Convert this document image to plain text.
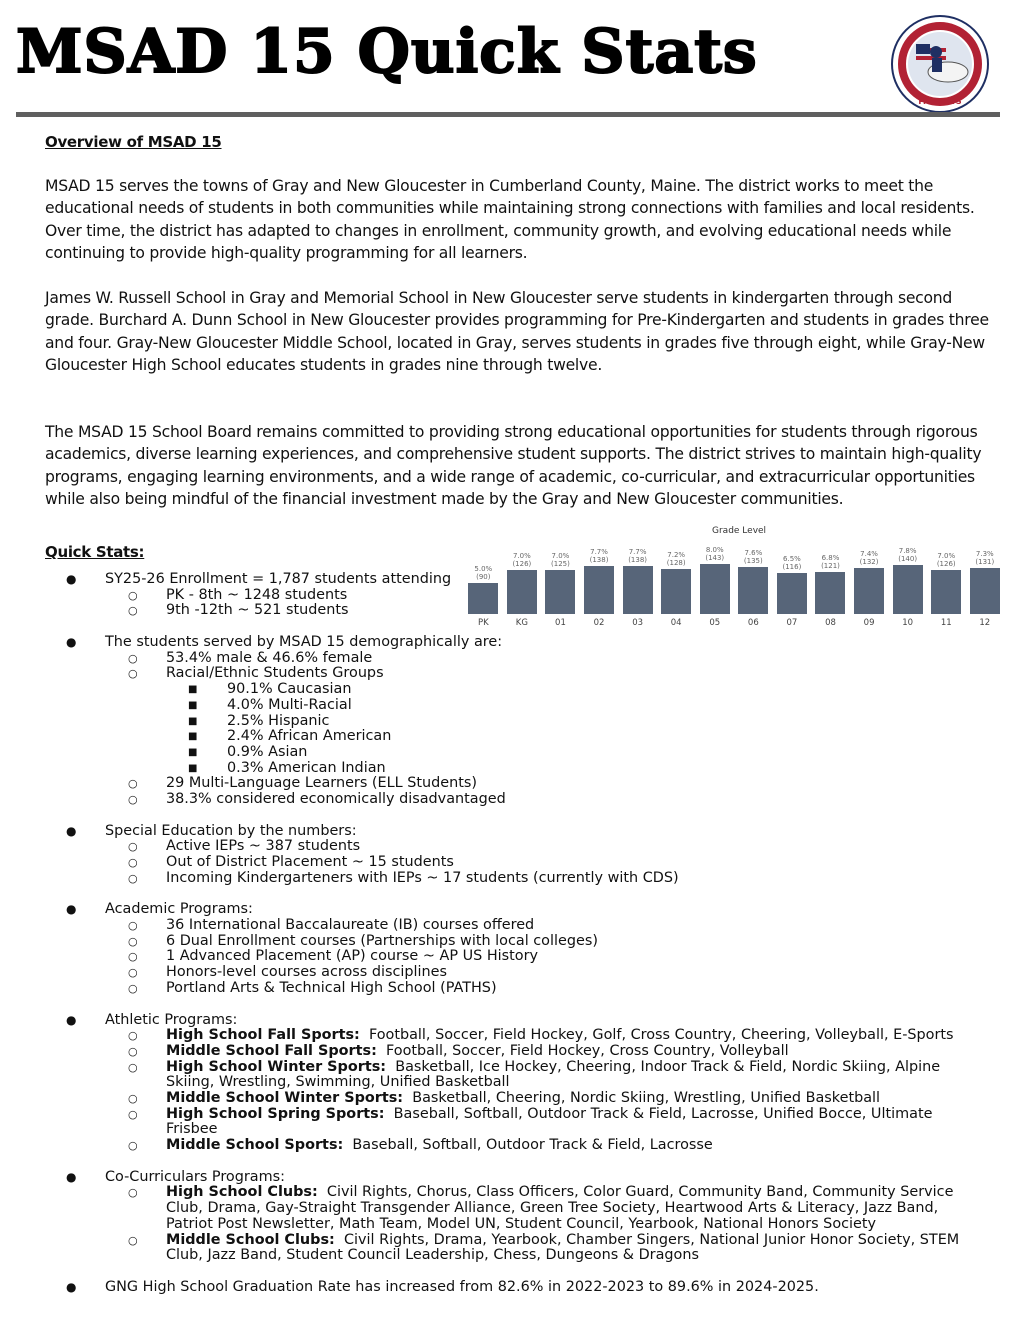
MSAD 15 Quick Stats
PATRIOTS
Overview of MSAD 15

MSAD 15 serves the towns of Gray and New Gloucester in Cumberland County, Maine. The district works to meet the educational needs of students in both communities while maintaining strong connections with families and local residents. Over time, the district has adapted to changes in enrollment, community growth, and evolving educational needs while continuing to provide high-quality programming for all learners.

James W. Russell School in Gray and Memorial School in New Gloucester serve students in kindergarten through second grade. Burchard A. Dunn School in New Gloucester provides programming for Pre-Kindergarten and students in grades three and four. Gray-New Gloucester Middle School, located in Gray, serves students in grades five through eight, while Gray-New Gloucester High School educates students in grades nine through twelve.

The MSAD 15 School Board remains committed to providing strong educational opportunities for students through rigorous academics, diverse learning experiences, and comprehensive student supports. The district strives to maintain high-quality programs, engaging learning environments, and a wide range of academic, co-curricular, and extracurricular opportunities while also being mindful of the financial investment made by the Gray and New Gloucester communities.

Quick Stats:
Grade Level
5.0%
(90)
7.0%
(126)
7.0%
(125)
7.7%
(138)
7.7%
(138)
7.2%
(128)
8.0%
(143)
7.6%
(135)	6.5%
(116)
6.8%
(121)
7.4%
(132)
7.8%
(140)	7.0%
(126)
7.3%
(131)
PK	KG	01	02	03	04	05	06	07	08	09	10	11	12
● SY25-26 Enrollment = 1,787 students attending
○ PK - 8th ~ 1248 students
○ 9th -12th ~ 521 students
● The students served by MSAD 15 demographically are:
○ 53.4% male & 46.6% female
○ Racial/Ethnic Students Groups
■ 90.1% Caucasian
■ 4.0% Multi-Racial
■ 2.5% Hispanic
■ 2.4% African American
■ 0.9% Asian
■ 0.3% American Indian
○ 29 Multi-Language Learners (ELL Students)
○ 38.3% considered economically disadvantaged
● Special Education by the numbers:
○ Active IEPs ~ 387 students
○ Out of District Placement ~ 15 students
○ Incoming Kindergarteners with IEPs ~ 17 students (currently with CDS)
● Academic Programs:
○ 36 International Baccalaureate (IB) courses offered
○ 6 Dual Enrollment courses (Partnerships with local colleges)
○ 1 Advanced Placement (AP) course ~ AP US History
○ Honors-level courses across disciplines
○ Portland Arts & Technical High School (PATHS)
● Athletic Programs:
○ High School Fall Sports: Football, Soccer, Field Hockey, Golf, Cross Country, Cheering, Volleyball, E-Sports
○ Middle School Fall Sports: Football, Soccer, Field Hockey, Cross Country, Volleyball
○ High School Winter Sports: Basketball, Ice Hockey, Cheering, Indoor Track & Field, Nordic Skiing, Alpine Skiing, Wrestling, Swimming, Unified Basketball
○ Middle School Winter Sports: Basketball, Cheering, Nordic Skiing, Wrestling, Unified Basketball
○ High School Spring Sports: Baseball, Softball, Outdoor Track & Field, Lacrosse, Unified Bocce, Ultimate Frisbee
○ Middle School Sports: Baseball, Softball, Outdoor Track & Field, Lacrosse
● Co-Curriculars Programs:
○ High School Clubs: Civil Rights, Chorus, Class Officers, Color Guard, Community Band, Community Service Club, Drama, Gay-Straight Transgender Alliance, Green Tree Society, Heartwood Arts & Literacy, Jazz Band, Patriot Post Newsletter, Math Team, Model UN, Student Council, Yearbook, National Honors Society
○ Middle School Clubs: Civil Rights, Drama, Yearbook, Chamber Singers, National Junior Honor Society, STEM Club, Jazz Band, Student Council Leadership, Chess, Dungeons & Dragons
● GNG High School Graduation Rate has increased from 82.6% in 2022-2023 to 89.6% in 2024-2025.
